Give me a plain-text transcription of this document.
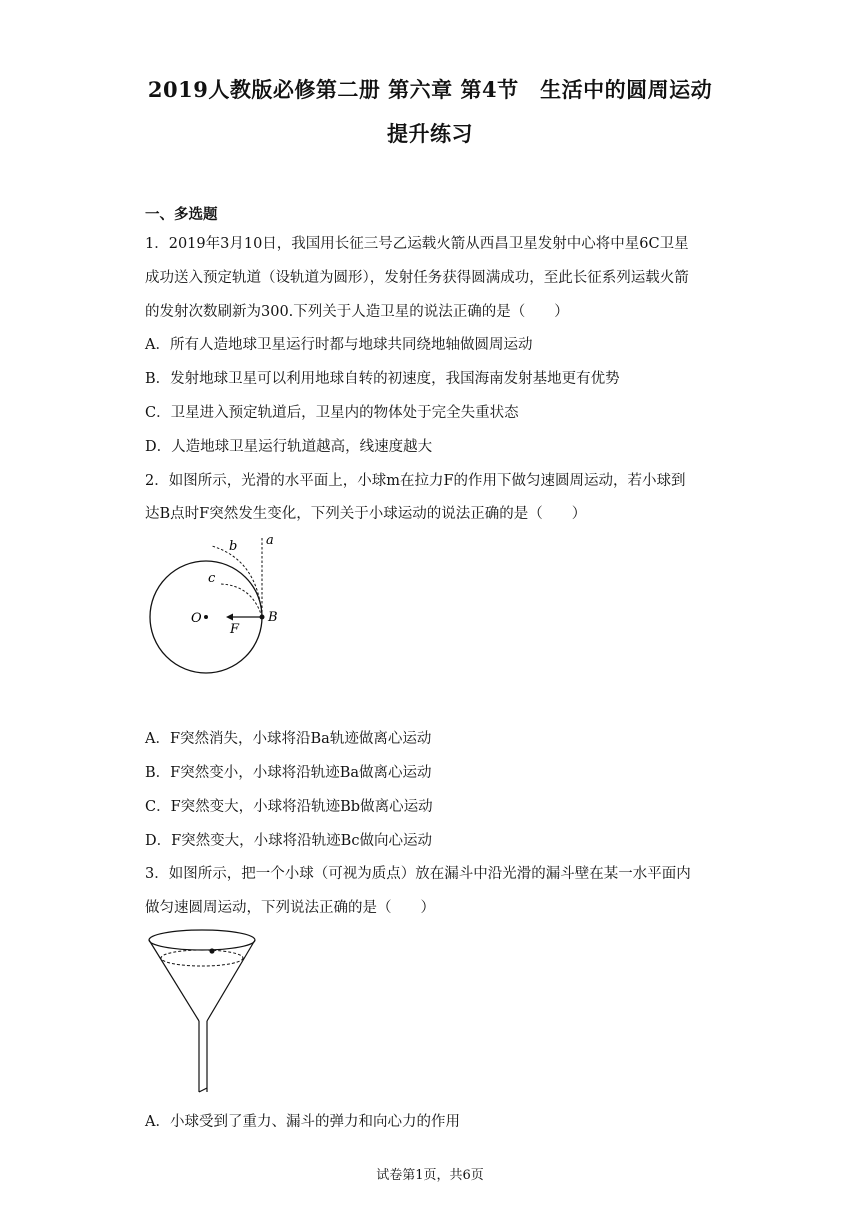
2019人教版必修第二册 第六章 第4节　生活中的圆周运动
提升练习
一、多选题
1．2019年3月10日，我国用长征三号乙运载火箭从西昌卫星发射中心将中星6C卫星
成功送入预定轨道（设轨道为圆形），发射任务获得圆满成功，至此长征系列运载火箭
的发射次数刷新为300.下列关于人造卫星的说法正确的是（　　）
A．所有人造地球卫星运行时都与地球共同绕地轴做圆周运动
B．发射地球卫星可以利用地球自转的初速度，我国海南发射基地更有优势
C．卫星进入预定轨道后，卫星内的物体处于完全失重状态
D．人造地球卫星运行轨道越高，线速度越大
2．如图所示，光滑的水平面上，小球m在拉力F的作用下做匀速圆周运动，若小球到
达B点时F突然发生变化，下列关于小球运动的说法正确的是（　　）
a
b
c
O
F
B
A．F突然消失，小球将沿Ba轨迹做离心运动
B．F突然变小，小球将沿轨迹Ba做离心运动
C．F突然变大，小球将沿轨迹Bb做离心运动
D．F突然变大，小球将沿轨迹Bc做向心运动
3．如图所示，把一个小球（可视为质点）放在漏斗中沿光滑的漏斗壁在某一水平面内
做匀速圆周运动，下列说法正确的是（　　）
A．小球受到了重力、漏斗的弹力和向心力的作用
试卷第1页，共6页
